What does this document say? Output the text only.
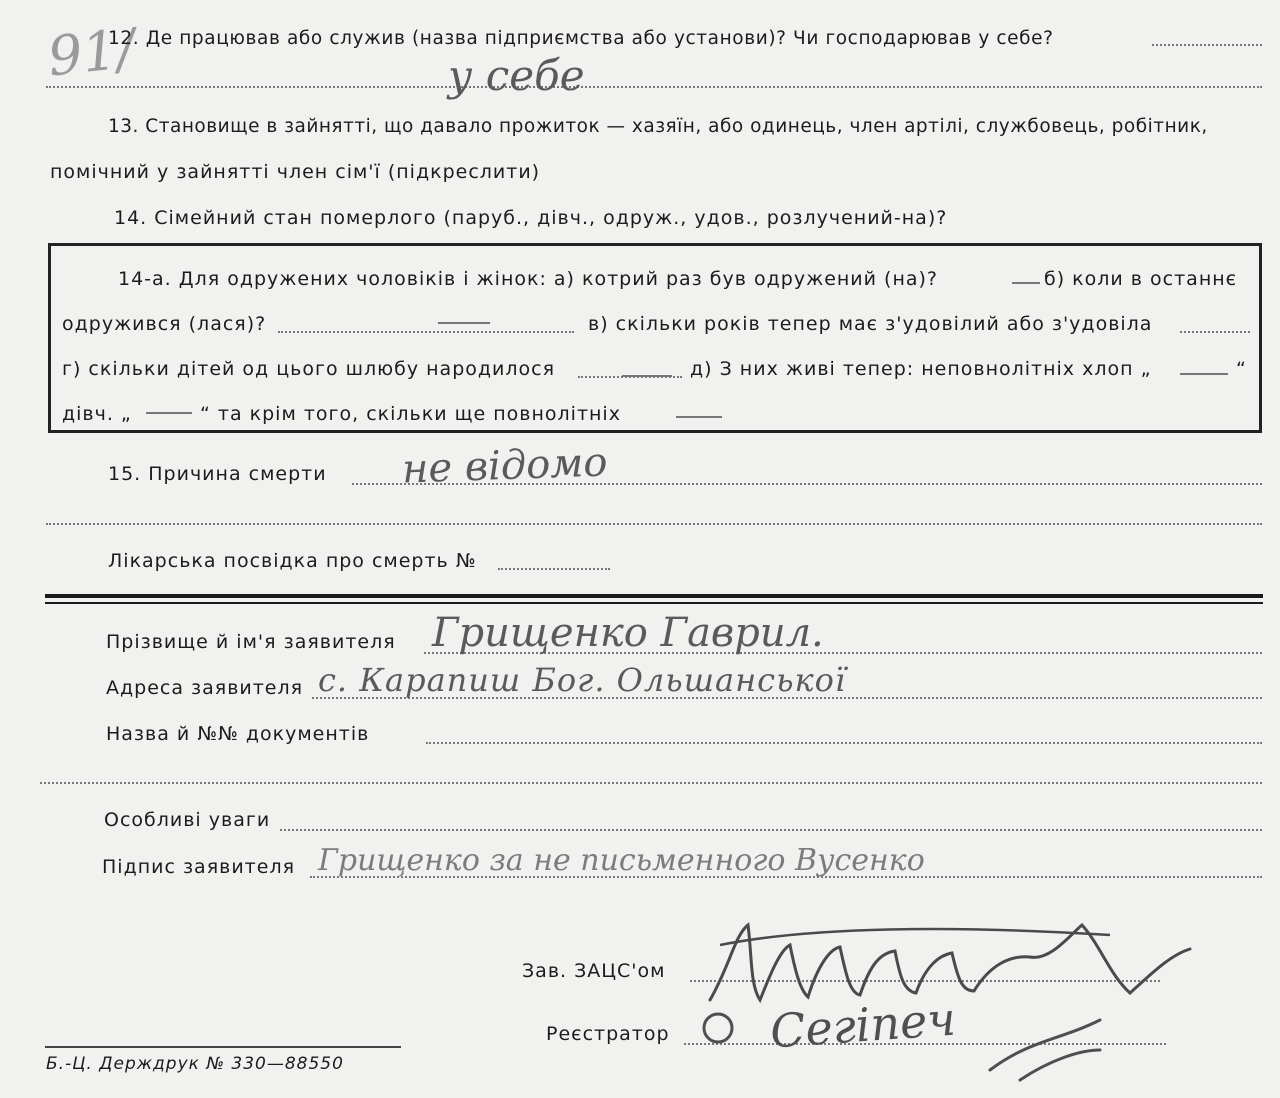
91/
12. Де працював або служив (назва підприємства або установи)? Чи господарював у себе?
у себе
13. Становище в зайнятті, що давало прожиток — хазяїн, або одинець, член артілі, службовець, робітник,
помічний у зайнятті член сім'ї (підкреслити)
14. Сімейний стан померлого (паруб., дівч., одруж., удов., розлучений-на)?
14-а. Для одружених чоловіків і жінок: а) котрий раз був одружений (на)?	б) коли в останнє
одружився (лася)?	в) скільки років тепер має з'удовілий або з'удовіла
г) скільки дітей од цього шлюбу народилося	д) З них живі тепер: неповнолітніх хлоп „	“
дівч. „	“ та крім того, скільки ще повнолітніх
15. Причина смерти не відомо
Лікарська посвідка про смерть №
Прізвище й ім'я заявителя Грищенко Гаврил.
Адреса заявителя с. Карапиш Бог. Ольшанської
Назва й №№ документів
Особливі уваги
Підпис заявителя Грищенко за не письменного Вусенко
Зав. ЗАЦС'ом
Реєстратор Сегіпеч
Б.-Ц. Держдрук № 330—88550
